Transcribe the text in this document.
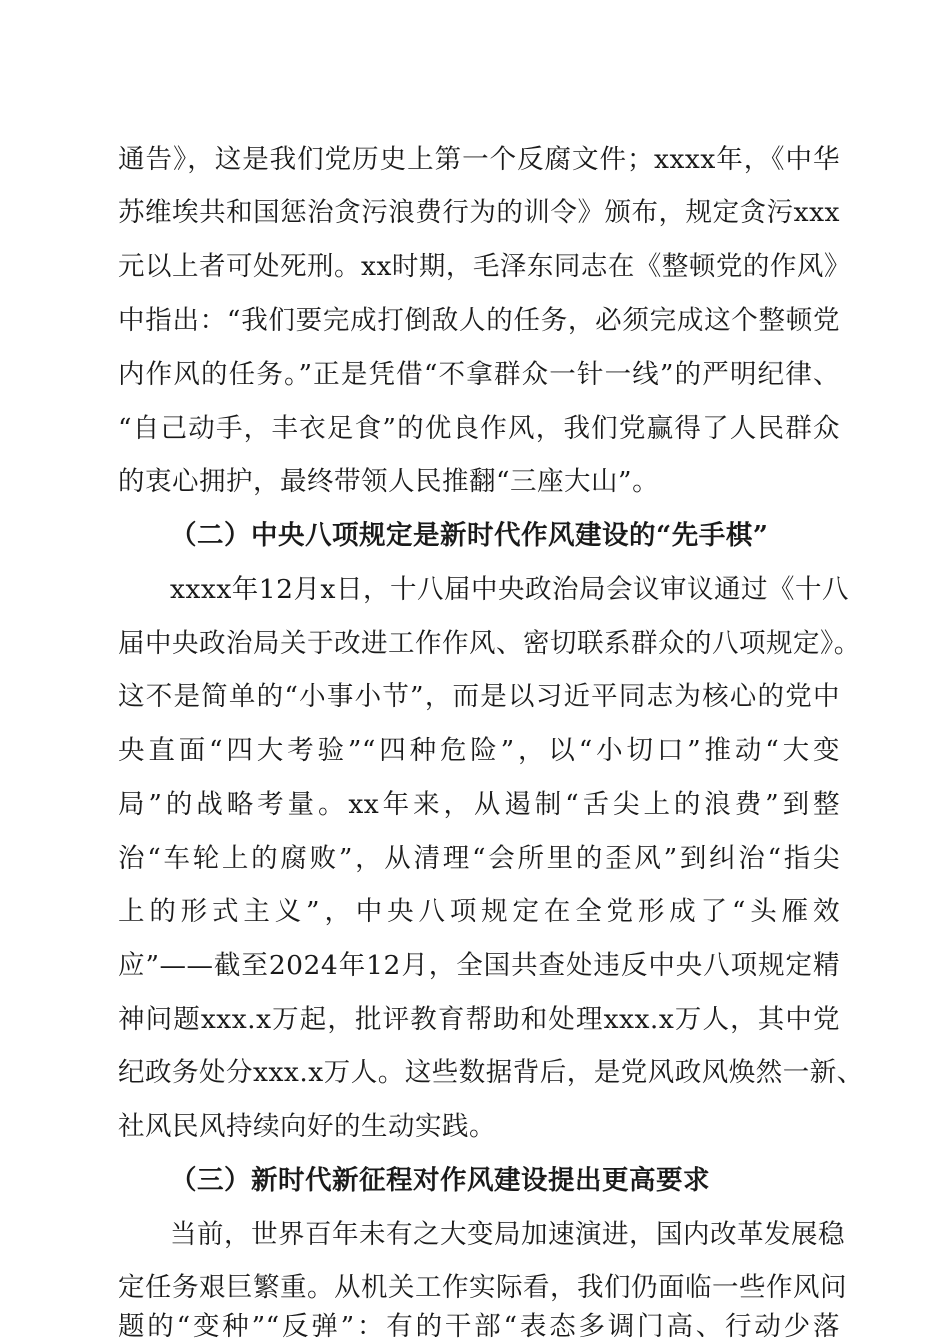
通告》，这是我们党历史上第一个反腐文件；xxxx年，《中华
苏维埃共和国惩治贪污浪费行为的训令》颁布，规定贪污xxx
元以上者可处死刑。xx时期，毛泽东同志在《整顿党的作风》
中指出：“我们要完成打倒敌人的任务，必须完成这个整顿党
内作风的任务。”正是凭借“不拿群众一针一线”的严明纪律、
“自己动手，丰衣足食”的优良作风，我们党赢得了人民群众
的衷心拥护，最终带领人民推翻“三座大山”。
（二）中央八项规定是新时代作风建设的“先手棋”
xxxx年12月x日，十八届中央政治局会议审议通过《十八
届中央政治局关于改进工作作风、密切联系群众的八项规定》。
这不是简单的“小事小节”，而是以习近平同志为核心的党中
央直面“四大考验”“四种危险”，以“小切口”推动“大变
局”的战略考量。xx年来，从遏制“舌尖上的浪费”到整
治“车轮上的腐败”，从清理“会所里的歪风”到纠治“指尖
上的形式主义”，中央八项规定在全党形成了“头雁效
应”——截至2024年12月，全国共查处违反中央八项规定精
神问题xxx.x万起，批评教育帮助和处理xxx.x万人，其中党
纪政务处分xxx.x万人。这些数据背后，是党风政风焕然一新、
社风民风持续向好的生动实践。
（三）新时代新征程对作风建设提出更高要求
当前，世界百年未有之大变局加速演进，国内改革发展稳
定任务艰巨繁重。从机关工作实际看，我们仍面临一些作风问
题的“变种”“反弹”：有的干部“表态多调门高、行动少落
